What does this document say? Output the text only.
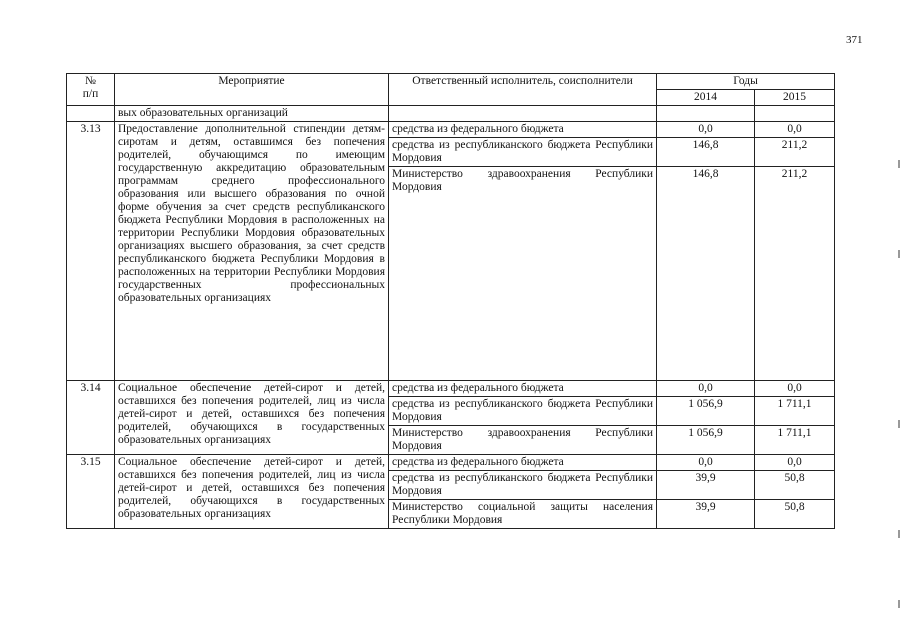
371
№
п/п	Мероприятие	Ответственный исполнитель, соисполнители	Годы	
			2014	2015
	вых образовательных организаций			
3.13	Предоставление дополнительной стипендии детям-сиротам и детям, оставшимся без попечения родителей, обучающимся по имеющим государственную аккредитацию образовательным программам среднего профессионального образования или высшего образования по очной форме обучения за счет средств республиканского бюджета Республики Мордовия в расположенных на территории Республики Мордовия образовательных организациях высшего образования, за счет средств республиканского бюджета Республики Мордовия в расположенных на территории Республики Мордовия государственных профессиональных образовательных организациях	средства из федерального бюджета	0,0	0,0
		средства из республиканского бюджета Республики Мордовия	146,8	211,2
		Министерство здравоохранения Республики Мордовия	146,8	211,2
3.14	Социальное обеспечение детей-сирот и детей, оставшихся без попечения родителей, лиц из числа детей-сирот и детей, оставшихся без попечения родителей, обучающихся в государственных образовательных организациях	средства из федерального бюджета	0,0	0,0
		средства из республиканского бюджета Республики Мордовия	1 056,9	1 711,1
		Министерство здравоохранения Республики Мордовия	1 056,9	1 711,1
3.15	Социальное обеспечение детей-сирот и детей, оставшихся без попечения родителей, лиц из числа детей-сирот и детей, оставшихся без попечения родителей, обучающихся в государственных образовательных организациях	средства из федерального бюджета	0,0	0,0
		средства из республиканского бюджета Республики Мордовия	39,9	50,8
		Министерство социальной защиты населения Республики Мордовия	39,9	50,8
